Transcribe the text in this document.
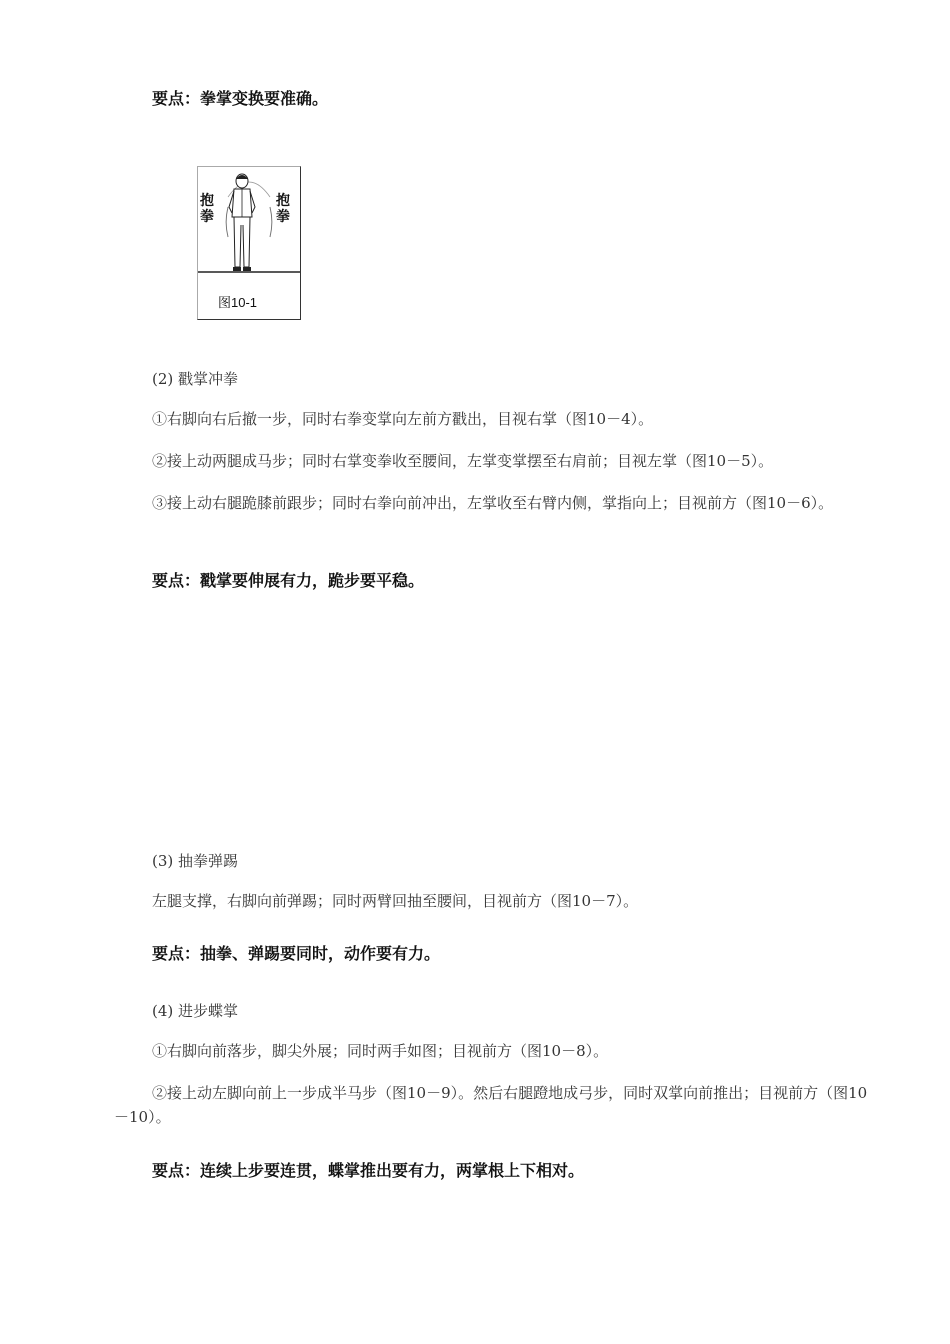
要点：拳掌变换要准确。
抱拳
抱拳
图10-1
(2) 戳掌冲拳
①右脚向右后撤一步，同时右拳变掌向左前方戳出，目视右掌（图10－4）。
②接上动两腿成马步；同时右掌变拳收至腰间，左掌变掌摆至右肩前；目视左掌（图10－5）。
③接上动右腿跪膝前跟步；同时右拳向前冲出，左掌收至右臂内侧，掌指向上；目视前方（图10－6）。
要点：戳掌要伸展有力，跪步要平稳。
(3) 抽拳弹踢
左腿支撑，右脚向前弹踢；同时两臂回抽至腰间，目视前方（图10－7）。
要点：抽拳、弹踢要同时，动作要有力。
(4) 进步蝶掌
①右脚向前落步，脚尖外展；同时两手如图；目视前方（图10－8）。
②接上动左脚向前上一步成半马步（图10－9）。然后右腿蹬地成弓步，同时双掌向前推出；目视前方（图10－10）。
要点：连续上步要连贯，蝶掌推出要有力，两掌根上下相对。
